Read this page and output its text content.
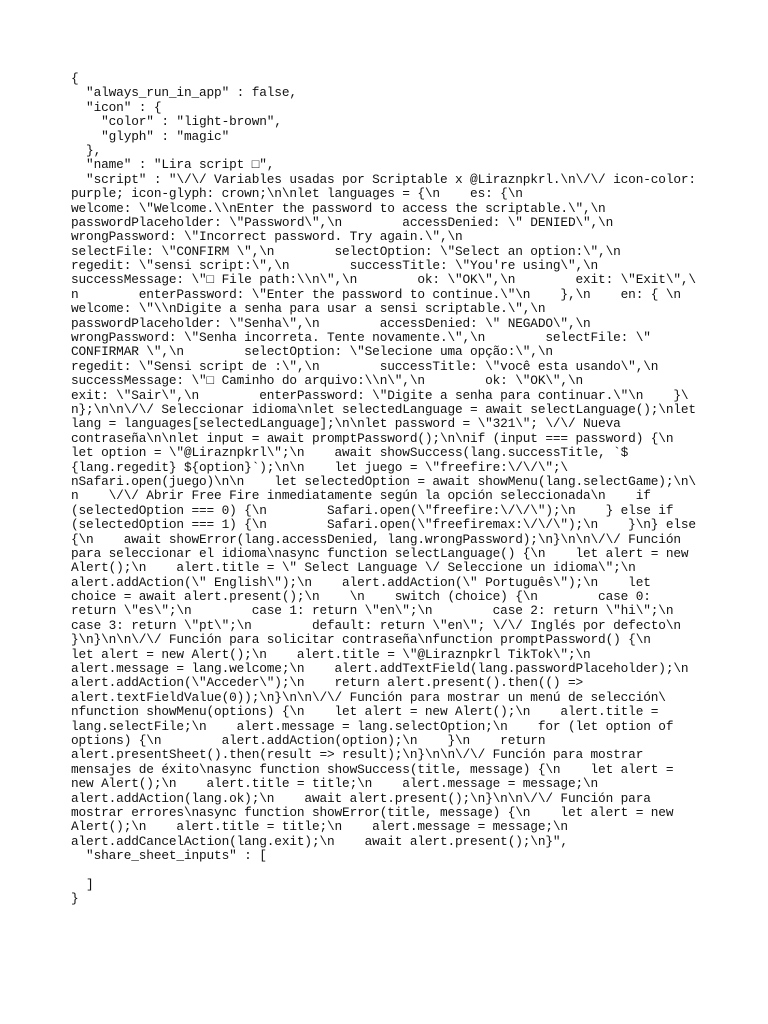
{
"always_run_in_app" : false,
"icon" : {
"color" : "light-brown",
"glyph" : "magic"
},
"name" : "Lira script □",
"script" : "\/\/ Variables usadas por Scriptable x @Liraznpkrl.\n\/\/ icon-color:
purple; icon-glyph: crown;\n\nlet languages = {\n    es: {\n
welcome: \"Welcome.\\nEnter the password to access the scriptable.\",\n
passwordPlaceholder: \"Password\",\n        accessDenied: \" DENIED\",\n
wrongPassword: \"Incorrect password. Try again.\",\n
selectFile: \"CONFIRM \",\n        selectOption: \"Select an option:\",\n
regedit: \"sensi script:\",\n        successTitle: \"You're using\",\n
successMessage: \"□ File path:\\n\",\n        ok: \"OK\",\n        exit: \"Exit\",\
n        enterPassword: \"Enter the password to continue.\"\n    },\n    en: { \n
welcome: \"\\nDigite a senha para usar a sensi scriptable.\",\n
passwordPlaceholder: \"Senha\",\n        accessDenied: \" NEGADO\",\n
wrongPassword: \"Senha incorreta. Tente novamente.\",\n        selectFile: \"
CONFIRMAR \",\n        selectOption: \"Selecione uma opção:\",\n
regedit: \"Sensi script de :\",\n        successTitle: \"você esta usando\",\n
successMessage: \"□ Caminho do arquivo:\\n\",\n        ok: \"OK\",\n
exit: \"Sair\",\n        enterPassword: \"Digite a senha para continuar.\"\n    }\
n};\n\n\/\/ Seleccionar idioma\nlet selectedLanguage = await selectLanguage();\nlet
lang = languages[selectedLanguage];\n\nlet password = \"321\"; \/\/ Nueva
contraseña\n\nlet input = await promptPassword();\n\nif (input === password) {\n
let option = \"@Liraznpkrl\";\n    await showSuccess(lang.successTitle, `$
{lang.regedit} ${option}`);\n\n    let juego = \"freefire:\/\/\";\
nSafari.open(juego)\n\n    let selectedOption = await showMenu(lang.selectGame);\n\
n    \/\/ Abrir Free Fire inmediatamente según la opción seleccionada\n    if
(selectedOption === 0) {\n        Safari.open(\"freefire:\/\/\");\n    } else if
(selectedOption === 1) {\n        Safari.open(\"freefiremax:\/\/\");\n    }\n} else
{\n    await showError(lang.accessDenied, lang.wrongPassword);\n}\n\n\/\/ Función
para seleccionar el idioma\nasync function selectLanguage() {\n    let alert = new
Alert();\n    alert.title = \" Select Language \/ Seleccione un idioma\";\n
alert.addAction(\" English\");\n    alert.addAction(\" Português\");\n    let
choice = await alert.present();\n    \n    switch (choice) {\n        case 0:
return \"es\";\n        case 1: return \"en\";\n        case 2: return \"hi\";\n
case 3: return \"pt\";\n        default: return \"en\"; \/\/ Inglés por defecto\n
}\n}\n\n\/\/ Función para solicitar contraseña\nfunction promptPassword() {\n
let alert = new Alert();\n    alert.title = \"@Liraznpkrl TikTok\";\n
alert.message = lang.welcome;\n    alert.addTextField(lang.passwordPlaceholder);\n
alert.addAction(\"Acceder\");\n    return alert.present().then(() =>
alert.textFieldValue(0));\n}\n\n\/\/ Función para mostrar un menú de selección\
nfunction showMenu(options) {\n    let alert = new Alert();\n    alert.title =
lang.selectFile;\n    alert.message = lang.selectOption;\n    for (let option of
options) {\n        alert.addAction(option);\n    }\n    return
alert.presentSheet().then(result => result);\n}\n\n\/\/ Función para mostrar
mensajes de éxito\nasync function showSuccess(title, message) {\n    let alert =
new Alert();\n    alert.title = title;\n    alert.message = message;\n
alert.addAction(lang.ok);\n    await alert.present();\n}\n\n\/\/ Función para
mostrar errores\nasync function showError(title, message) {\n    let alert = new
Alert();\n    alert.title = title;\n    alert.message = message;\n
alert.addCancelAction(lang.exit);\n    await alert.present();\n}",
"share_sheet_inputs" : [

]
}
